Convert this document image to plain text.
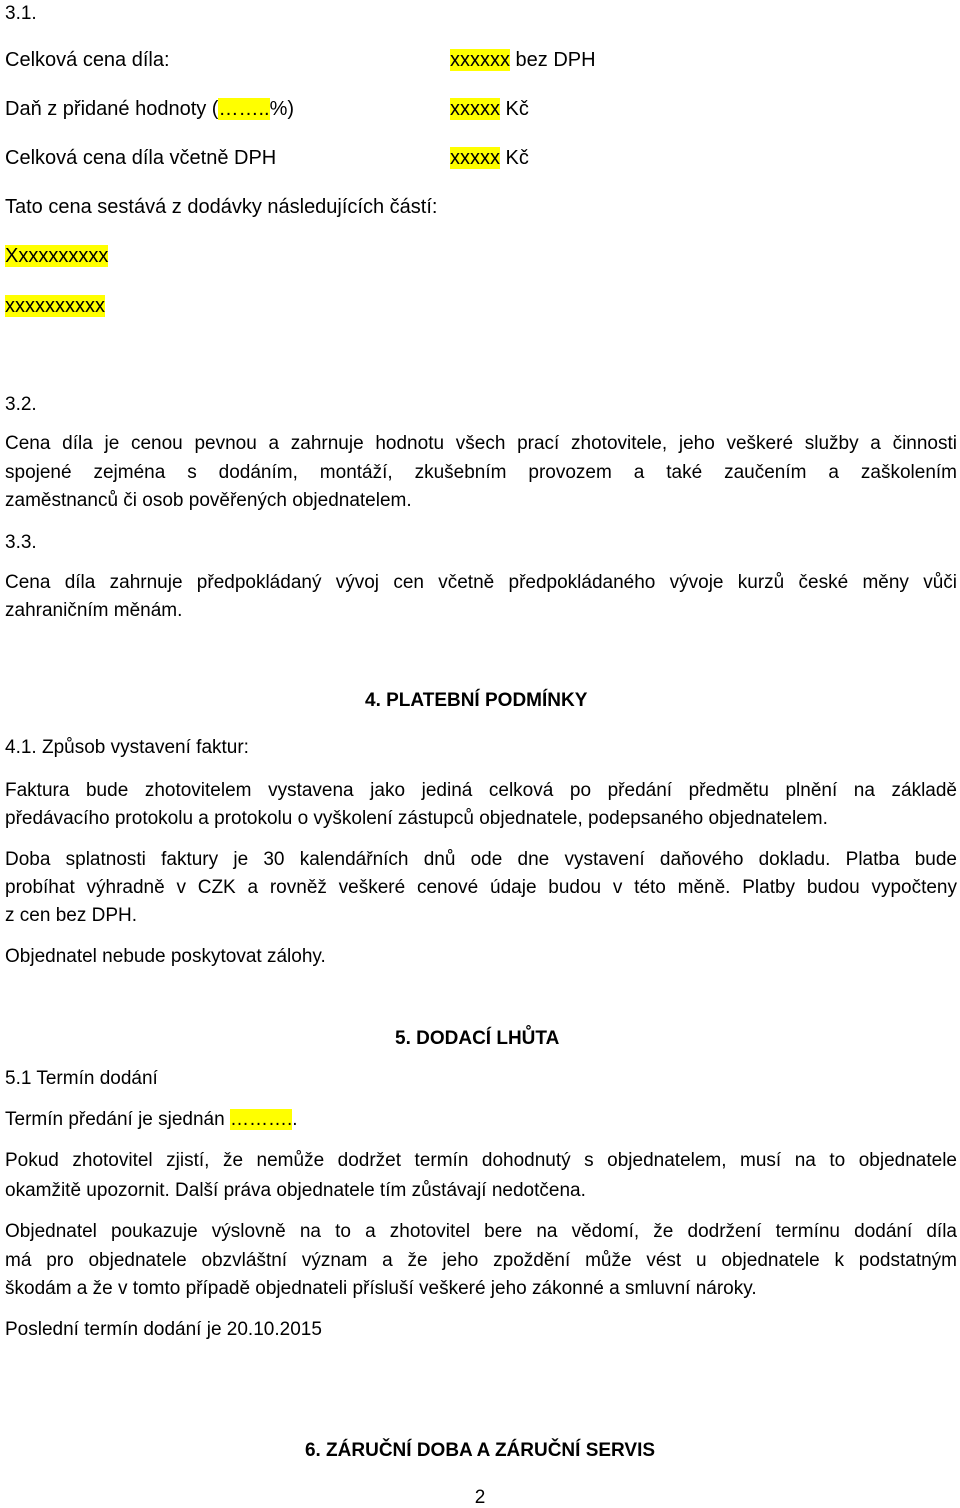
3.1.
Celková cena díla:	xxxxxx bez DPH
Daň z přidané hodnoty (……..%)	xxxxx Kč
Celková cena díla včetně DPH	xxxxx Kč
Tato cena sestává z dodávky následujících částí:
Xxxxxxxxxx
xxxxxxxxxx
3.2.
Cena díla je cenou pevnou a zahrnuje hodnotu všech prací zhotovitele, jeho veškeré služby a činnosti
spojené zejména s dodáním, montáží, zkušebním provozem a také zaučením a zaškolením
zaměstnanců či osob pověřených objednatelem.
3.3.
Cena díla zahrnuje předpokládaný vývoj cen včetně předpokládaného vývoje kurzů české měny vůči
zahraničním měnám.
4. PLATEBNÍ PODMÍNKY
4.1. Způsob vystavení faktur:
Faktura bude zhotovitelem vystavena jako jediná celková po předání předmětu plnění na základě
předávacího protokolu a protokolu o vyškolení zástupců objednatele, podepsaného objednatelem.
Doba splatnosti faktury je 30 kalendářních dnů ode dne vystavení daňového dokladu. Platba bude
probíhat výhradně v CZK a rovněž veškeré cenové údaje budou v této měně. Platby budou vypočteny
z cen bez DPH.
Objednatel nebude poskytovat zálohy.
5. DODACÍ LHŮTA
5.1 Termín dodání
Termín předání je sjednán ………..
Pokud zhotovitel zjistí, že nemůže dodržet termín dohodnutý s objednatelem, musí na to objednatele
okamžitě upozornit. Další práva objednatele tím zůstávají nedotčena.
Objednatel poukazuje výslovně na to a zhotovitel bere na vědomí, že dodržení termínu dodání díla
má pro objednatele obzvláštní význam a že jeho zpoždění může vést u objednatele k podstatným
škodám a že v tomto případě objednateli přísluší veškeré jeho zákonné a smluvní nároky.
Poslední termín dodání je 20.10.2015
6. ZÁRUČNÍ DOBA A ZÁRUČNÍ SERVIS
2
